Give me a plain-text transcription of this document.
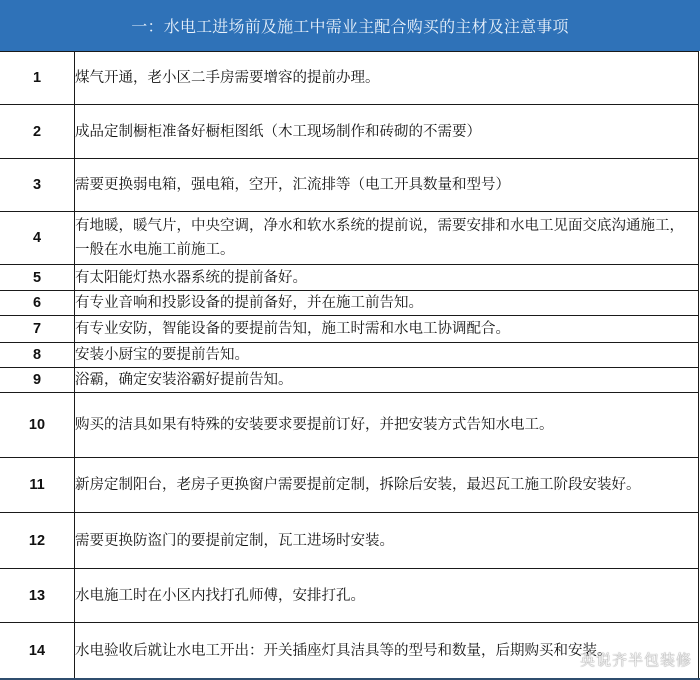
一：水电工进场前及施工中需业主配合购买的主材及注意事项
1	煤气开通，老小区二手房需要增容的提前办理。
2	成品定制橱柜准备好橱柜图纸（木工现场制作和砖砌的不需要）
3	需要更换弱电箱，强电箱，空开，汇流排等（电工开具数量和型号）
4	有地暖，暖气片，中央空调，净水和软水系统的提前说，需要安排和水电工见面交底沟通施工，一般在水电施工前施工。
5	有太阳能灯热水器系统的提前备好。
6	有专业音响和投影设备的提前备好，并在施工前告知。
7	有专业安防，智能设备的要提前告知，施工时需和水电工协调配合。
8	安装小厨宝的要提前告知。
9	浴霸，确定安装浴霸好提前告知。
10	购买的洁具如果有特殊的安装要求要提前订好，并把安装方式告知水电工。
11	新房定制阳台，老房子更换窗户需要提前定制，拆除后安装，最迟瓦工施工阶段安装好。
12	需要更换防盗门的要提前定制，瓦工进场时安装。
13	水电施工时在小区内找打孔师傅，安排打孔。
14	水电验收后就让水电工开出：开关插座灯具洁具等的型号和数量，后期购买和安装。
英说齐半包装修
